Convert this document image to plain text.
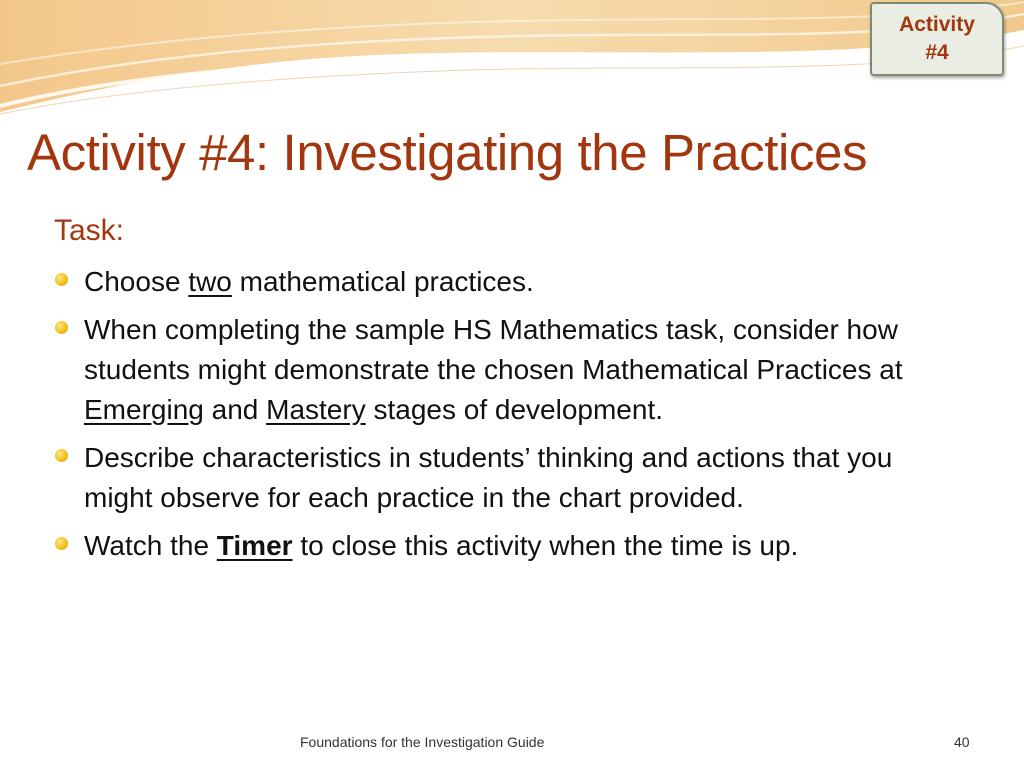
Activity
#4
Activity #4: Investigating the Practices
Task:
Choose two mathematical practices.
When completing the sample HS Mathematics task, consider how students might demonstrate the chosen Mathematical Practices at Emerging and Mastery stages of development.
Describe characteristics in students’ thinking and actions that you might observe for each practice in the chart provided.
Watch the Timer to close this activity when the time is up.
Foundations for the Investigation Guide	40
